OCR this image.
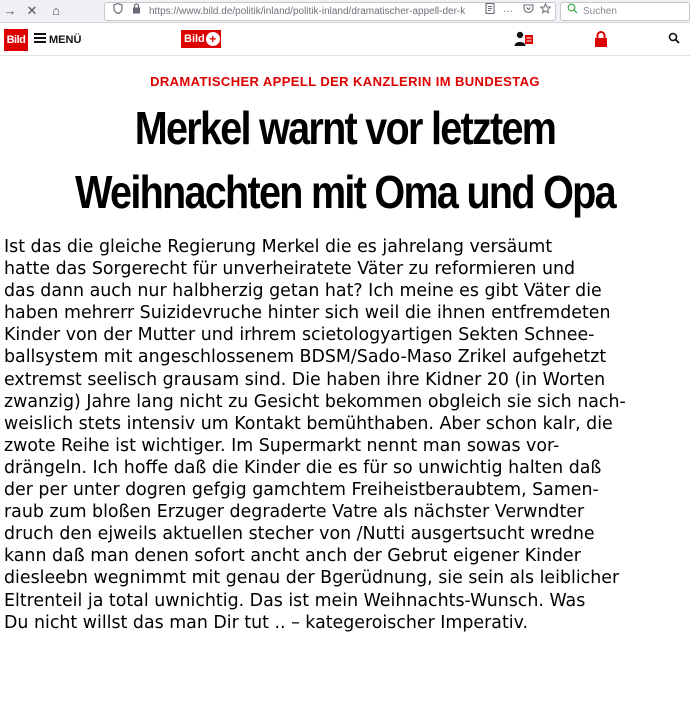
→ ✕	⌂	https://www.bild.de/politik/inland/politik-inland/dramatischer-appell-der-k	···	Suchen
Bild	MENÜ	Bild +
DRAMATISCHER APPELL DER KANZLERIN IM BUNDESTAG
Merkel warnt vor letztem
Weihnachten mit Oma und Opa
Ist das die gleiche Regierung Merkel die es jahrelang versäumt
hatte das Sorgerecht für unverheiratete Väter zu reformieren und
das dann auch nur halbherzig getan hat? Ich meine es gibt Väter die
haben mehrerr Suizidevruche hinter sich weil die ihnen entfremdeten
Kinder von der Mutter und irhrem scietologyartigen Sekten Schnee-
ballsystem mit angeschlossenem BDSM/Sado-Maso Zrikel aufgehetzt
extremst seelisch grausam sind. Die haben ihre Kidner 20 (in Worten
zwanzig) Jahre lang nicht zu Gesicht bekommen obgleich sie sich nach-
weislich stets intensiv um Kontakt bemühthaben. Aber schon kalr, die
zwote Reihe ist wichtiger. Im Supermarkt nennt man sowas vor-
drängeln. Ich hoffe daß die Kinder die es für so unwichtig halten daß
der per unter dogren gefgig gamchtem Freiheistberaubtem, Samen-
raub zum bloßen Erzuger degraderte Vatre als nächster Verwndter
druch den ejweils aktuellen stecher von /Nutti ausgertsucht wredne
kann daß man denen sofort ancht anch der Gebrut eigener Kinder
diesleebn wegnimmt mit genau der Bgerüdnung, sie sein als leiblicher
Eltrenteil ja total uwnichtig. Das ist mein Weihnachts-Wunsch. Was
Du nicht willst das man Dir tut .. – kategeroischer Imperativ.
